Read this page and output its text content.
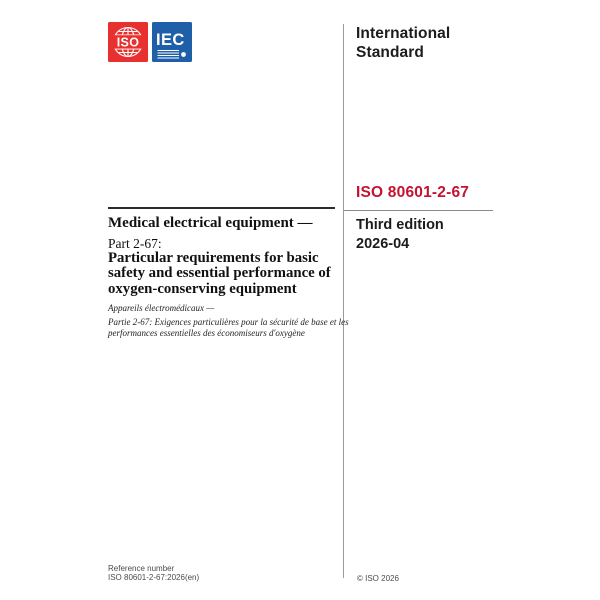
ISO IEC	International
Standard
ISO 80601-2-67
Third edition
2026-04
Medical electrical equipment —
Part 2-67:
Particular requirements for basic
safety and essential performance of
oxygen-conserving equipment
Appareils électromédicaux —
Partie 2-67: Exigences particulières pour la sécurité de base et les
performances essentielles des économiseurs d'oxygène
Reference number
ISO 80601-2-67:2026(en)	© ISO 2026
